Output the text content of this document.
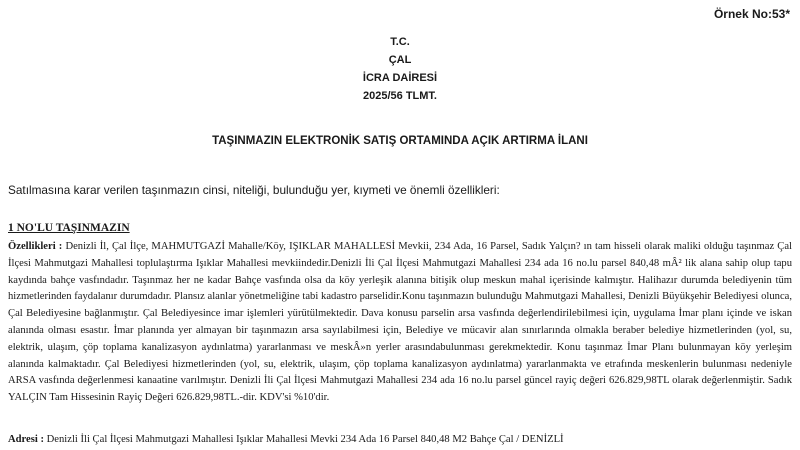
Örnek No:53*
T.C.
ÇAL
İCRA DAİRESİ
2025/56 TLMT.
TAŞINMAZIN ELEKTRONİK SATIŞ ORTAMINDA AÇIK ARTIRMA İLANI
Satılmasına karar verilen taşınmazın cinsi, niteliği, bulunduğu yer, kıymeti ve önemli özellikleri:
1 NO'LU TAŞINMAZIN
Özellikleri : Denizli İl, Çal İlçe, MAHMUTGAZİ Mahalle/Köy, IŞIKLAR MAHALLESİ Mevkii, 234 Ada, 16 Parsel, Sadık Yalçın? ın tam hisseli olarak maliki olduğu taşınmaz Çal İlçesi Mahmutgazi Mahallesi toplulaştırma Işıklar Mahallesi mevkiindedir.Denizli İli Çal İlçesi Mahmutgazi Mahallesi 234 ada 16 no.lu parsel 840,48 mÂ² lik alana sahip olup tapu kaydında bahçe vasfındadır. Taşınmaz her ne kadar Bahçe vasfında olsa da köy yerleşik alanına bitişik olup meskun mahal içerisinde kalmıştır. Halihazır durumda belediyenin tüm hizmetlerinden faydalanır durumdadır. Plansız alanlar yönetmeliğine tabi kadastro parselidir.Konu taşınmazın bulunduğu Mahmutgazi Mahallesi, Denizli Büyükşehir Belediyesi olunca, Çal Belediyesine bağlanmıştır. Çal Belediyesince imar işlemleri yürütülmektedir. Dava konusu parselin arsa vasfında değerlendirilebilmesi için, uygulama İmar planı içinde ve iskan alanında olması esastır. İmar planında yer almayan bir taşınmazın arsa sayılabilmesi için, Belediye ve mücavir alan sınırlarında olmakla beraber belediye hizmetlerinden (yol, su, elektrik, ulaşım, çöp toplama kanalizasyon aydınlatma) yararlanması ve meskÂ»n yerler arasındabulunması gerekmektedir. Konu taşınmaz İmar Planı bulunmayan köy yerleşim alanında kalmaktadır. Çal Belediyesi hizmetlerinden (yol, su, elektrik, ulaşım, çöp toplama kanalizasyon aydınlatma) yararlanmakta ve etrafında meskenlerin bulunması nedeniyle ARSA vasfında değerlenmesi kanaatine varılmıştır. Denizli İli Çal İlçesi Mahmutgazi Mahallesi 234 ada 16 no.lu parsel güncel rayiç değeri 626.829,98TL olarak değerlenmiştir. Sadık YALÇIN Tam Hissesinin Rayiç Değeri 626.829,98TL.-dir. KDV'si %10'dir.
Adresi : Denizli İli Çal İlçesi Mahmutgazi Mahallesi Işıklar Mahallesi Mevki 234 Ada 16 Parsel 840,48 M2 Bahçe Çal / DENİZLİ
